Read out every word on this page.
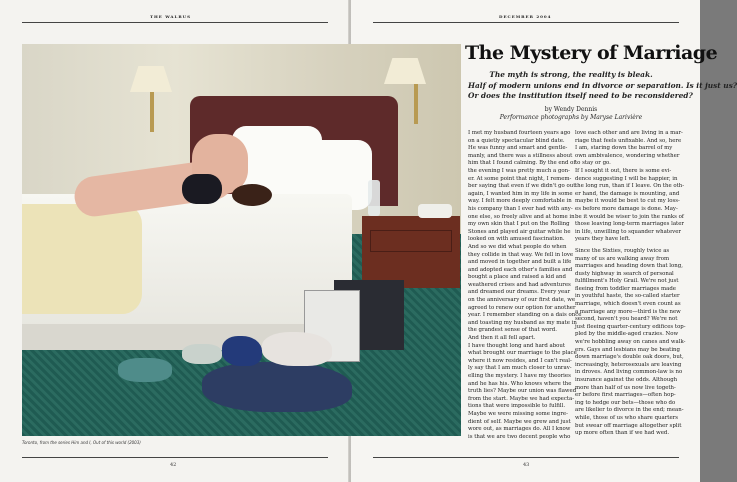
THE WALRUS
42
DECEMBER 2004
43
Toronto, from the series Him and I, Out of this world (2003)
The Mystery of Marriage
The myth is strong, the reality is bleak.
Half of modern unions end in divorce or separation. Is it just us?
Or does the institution itself need to be reconsidered?
by Wendy Dennis
Performance photographs by Maryse Larivière
I met my husband fourteen years ago
on a quietly spectacular blind date.
He was funny and smart and gentle-
manly, and there was a stillness about
him that I found calming. By the end of
the evening I was pretty much a gon-
er. At some point that night, I remem-
ber saying that even if we didn't go out
again, I wanted him in my life in some
way. I felt more deeply comfortable in
his company than I ever had with any-
one else, so freely alive and at home in
my own skin that I put on the Rolling
Stones and played air guitar while he
looked on with amused fascination.
And so we did what people do when
they collide in that way. We fell in love
and moved in together and built a life
and adopted each other's families and
bought a place and raised a kid and
weathered crises and had adventures
and dreamed our dreams. Every year
on the anniversary of our first date, we
agreed to renew our option for another
year. I remember standing on a dais once
and toasting my husband as my mate in
the grandest sense of that word.
And then it all fell apart.
I have thought long and hard about
what brought our marriage to the place
where it now resides, and I can't real-
ly say that I am much closer to unrav-
elling the mystery. I have my theories
and he has his. Who knows where the
truth lies? Maybe our union was flawed
from the start. Maybe we had expecta-
tions that were impossible to fulfill.
Maybe we were missing some ingre-
dient of self. Maybe we grew and just
wore out, as marriages do. All I know
is that we are two decent people who
love each other and are living in a mar-
riage that feels unfixable. And so, here
I am, staring down the barrel of my
own ambivalence, wondering whether
to stay or go.
If I sought it out, there is some evi-
dence suggesting I will be happier, in
the long run, than if I leave. On the oth-
er hand, the damage is mounting, and
maybe it would be best to cut my loss-
es before more damage is done. May-
be it would be wiser to join the ranks of
those leaving long-term marriages later
in life, unwilling to squander whatever
years they have left.
Since the Sixties, roughly twice as
many of us are walking away from
marriages and heading down that long,
dusty highway in search of personal
fulfillment's Holy Grail. We're not just
fleeing from toddler marriages made
in youthful haste, the so-called starter
marriage, which doesn't even count as
a marriage any more—third is the new
second, haven't you heard? We're not
just fleeing quarter-century edifices top-
pled by the middle-aged crazies. Now
we're hobbling away on canes and walk-
ers. Gays and lesbians may be beating
down marriage's double oak doors, but,
increasingly, heterosexuals are leaving
in droves. And living common-law is no
insurance against the odds. Although
more than half of us now live togeth-
er before first marriages—often hop-
ing to hedge our bets—those who do
are likelier to divorce in the end; mean-
while, those of us who share quarters
but swear off marriage altogether split
up more often than if we had wed.
